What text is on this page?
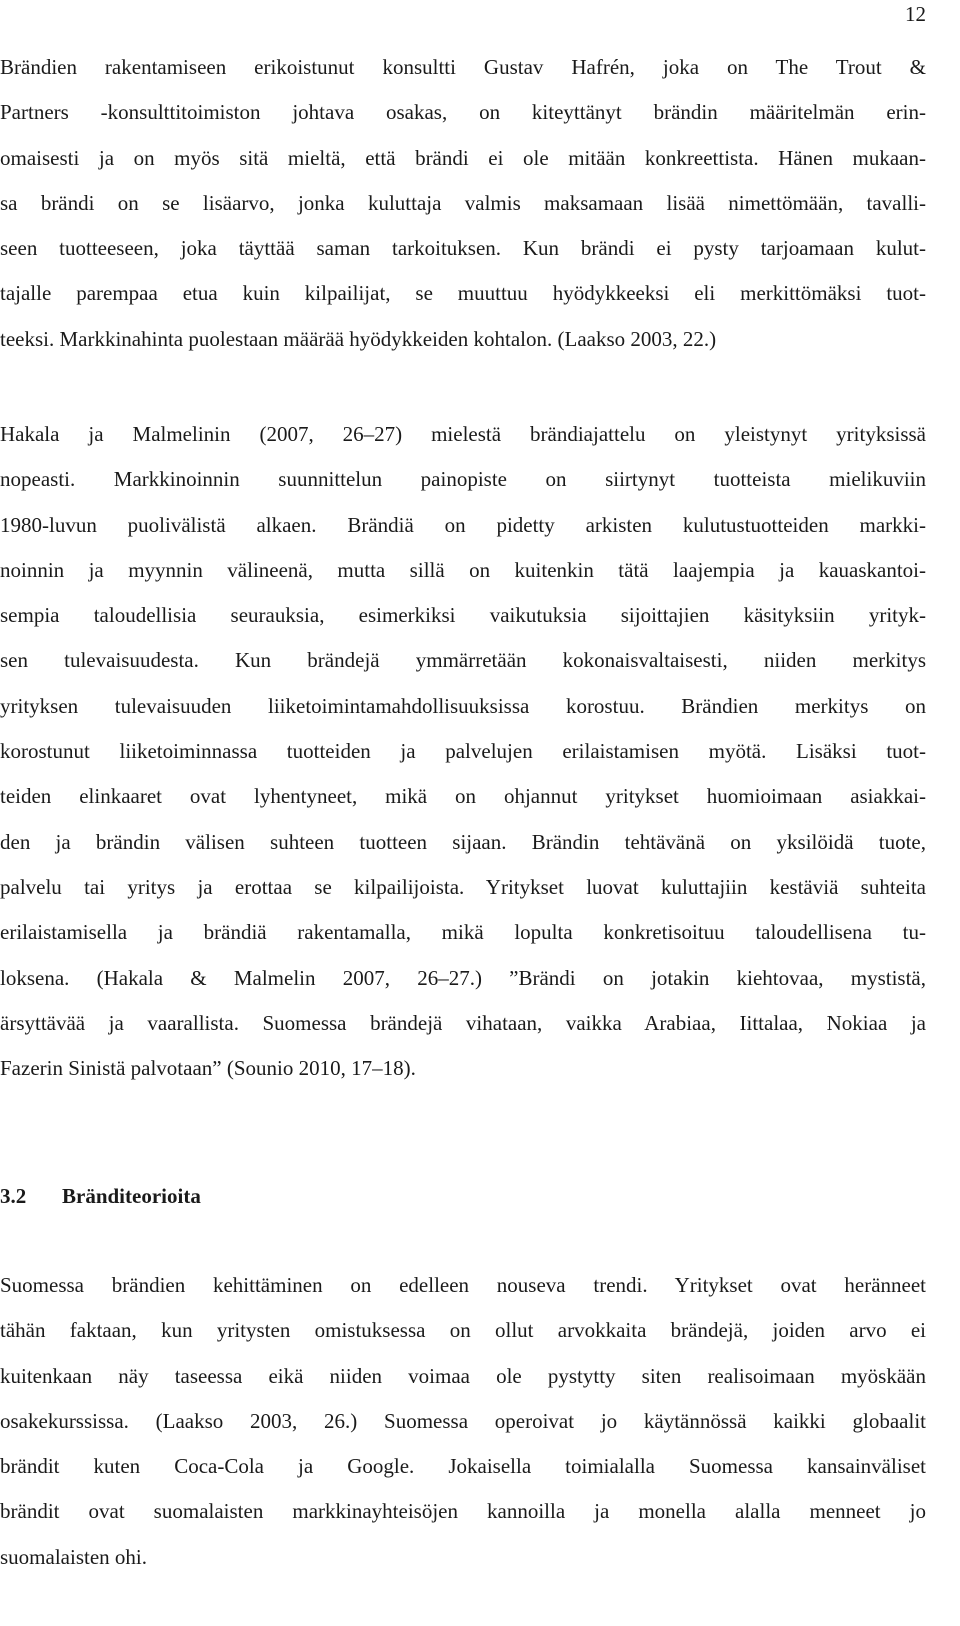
12

Brändien rakentamiseen erikoistunut konsultti Gustav Hafrén, joka on The Trout &
Partners -konsulttitoimiston johtava osakas, on kiteyttänyt brändin määritelmän erin-
omaisesti ja on myös sitä mieltä, että brändi ei ole mitään konkreettista. Hänen mukaan-
sa brändi on se lisäarvo, jonka kuluttaja valmis maksamaan lisää nimettömään, tavalli-
seen tuotteeseen, joka täyttää saman tarkoituksen. Kun brändi ei pysty tarjoamaan kulut-
tajalle parempaa etua kuin kilpailijat, se muuttuu hyödykkeeksi eli merkittömäksi tuot-
teeksi. Markkinahinta puolestaan määrää hyödykkeiden kohtalon. (Laakso 2003, 22.)

Hakala ja Malmelinin (2007, 26–27) mielestä brändiajattelu on yleistynyt yrityksissä
nopeasti. Markkinoinnin suunnittelun painopiste on siirtynyt tuotteista mielikuviin
1980-luvun puolivälistä alkaen. Brändiä on pidetty arkisten kulutustuotteiden markki-
noinnin ja myynnin välineenä, mutta sillä on kuitenkin tätä laajempia ja kauaskantoi-
sempia taloudellisia seurauksia, esimerkiksi vaikutuksia sijoittajien käsityksiin yrityk-
sen tulevaisuudesta. Kun brändejä ymmärretään kokonaisvaltaisesti, niiden merkitys
yrityksen tulevaisuuden liiketoimintamahdollisuuksissa korostuu. Brändien merkitys on
korostunut liiketoiminnassa tuotteiden ja palvelujen erilaistamisen myötä. Lisäksi tuot-
teiden elinkaaret ovat lyhentyneet, mikä on ohjannut yritykset huomioimaan asiakkai-
den ja brändin välisen suhteen tuotteen sijaan. Brändin tehtävänä on yksilöidä tuote,
palvelu tai yritys ja erottaa se kilpailijoista. Yritykset luovat kuluttajiin kestäviä suhteita
erilaistamisella ja brändiä rakentamalla, mikä lopulta konkretisoituu taloudellisena tu-
loksena. (Hakala & Malmelin 2007, 26–27.) ”Brändi on jotakin kiehtovaa, mystistä,
ärsyttävää ja vaarallista. Suomessa brändejä vihataan, vaikka Arabiaa, Iittalaa, Nokiaa ja
Fazerin Sinistä palvotaan” (Sounio 2010, 17–18).

3.2 Bränditeorioita

Suomessa brändien kehittäminen on edelleen nouseva trendi. Yritykset ovat heränneet
tähän faktaan, kun yritysten omistuksessa on ollut arvokkaita brändejä, joiden arvo ei
kuitenkaan näy taseessa eikä niiden voimaa ole pystytty siten realisoimaan myöskään
osakekurssissa. (Laakso 2003, 26.) Suomessa operoivat jo käytännössä kaikki globaalit
brändit kuten Coca-Cola ja Google. Jokaisella toimialalla Suomessa kansainväliset
brändit ovat suomalaisten markkinayhteisöjen kannoilla ja monella alalla menneet jo
suomalaisten ohi.
